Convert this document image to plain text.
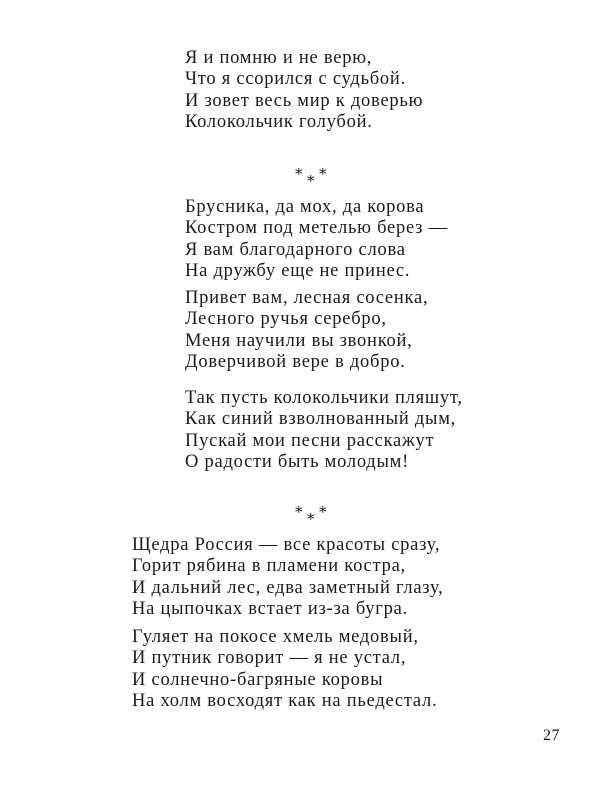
Я и помню и не верю,
Что я ссорился с судьбой.
И зовет весь мир к доверью
Колокольчик голубой.
* * *
Брусника, да мох, да корова
Костром под метелью берез —
Я вам благодарного слова
На дружбу еще не принес.
Привет вам, лесная сосенка,
Лесного ручья серебро,
Меня научили вы звонкой,
Доверчивой вере в добро.
Так пусть колокольчики пляшут,
Как синий взволнованный дым,
Пускай мои песни расскажут
О радости быть молодым!
* * *
Щедра Россия — все красоты сразу,
Горит рябина в пламени костра,
И дальний лес, едва заметный глазу,
На цыпочках встает из-за бугра.
Гуляет на покосе хмель медовый,
И путник говорит — я не устал,
И солнечно-багряные коровы
На холм восходят как на пьедестал.
27
